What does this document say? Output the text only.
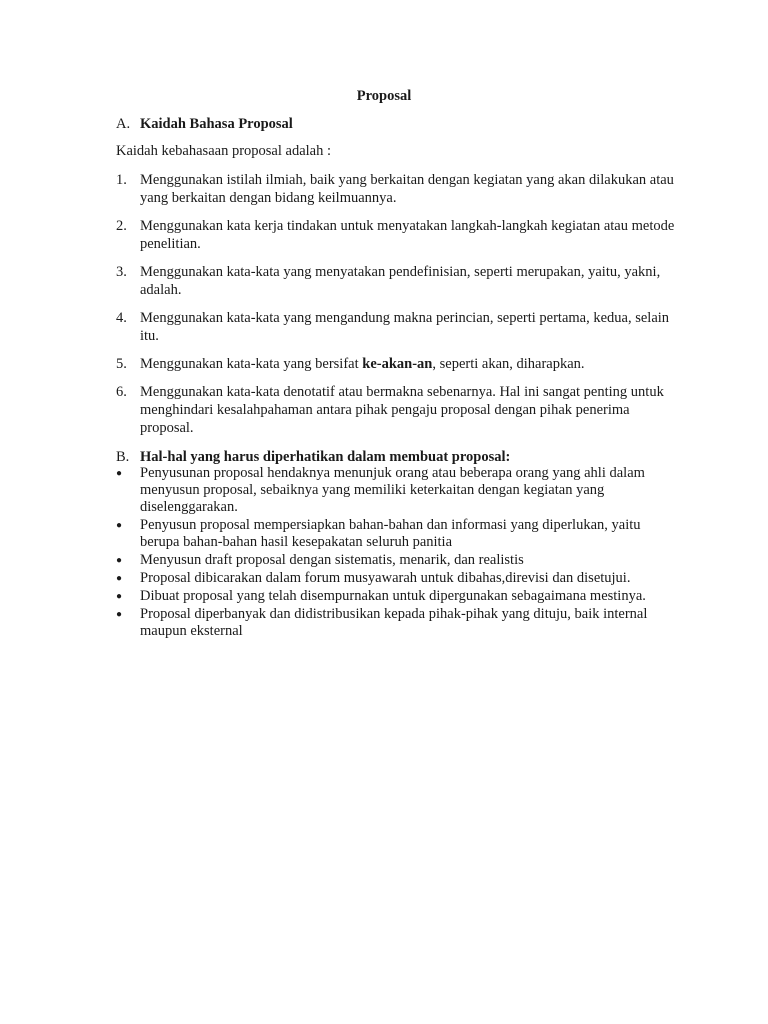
Proposal
A. Kaidah Bahasa Proposal
Kaidah kebahasaan proposal adalah :
1. Menggunakan istilah ilmiah, baik yang berkaitan dengan kegiatan yang akan dilakukan atau yang berkaitan dengan bidang keilmuannya.
2. Menggunakan kata kerja tindakan untuk menyatakan langkah-langkah kegiatan atau metode penelitian.
3. Menggunakan kata-kata yang menyatakan pendefinisian, seperti merupakan, yaitu, yakni, adalah.
4. Menggunakan kata-kata yang mengandung makna perincian, seperti pertama, kedua, selain itu.
5. Menggunakan kata-kata yang bersifat ke-akan-an, seperti akan, diharapkan.
6. Menggunakan kata-kata denotatif atau bermakna sebenarnya. Hal ini sangat penting untuk menghindari kesalahpahaman antara pihak pengaju proposal dengan pihak penerima proposal.
B. Hal-hal yang harus diperhatikan dalam membuat proposal:
●	Penyusunan proposal hendaknya menunjuk orang atau beberapa orang yang ahli dalam menyusun proposal, sebaiknya yang memiliki keterkaitan dengan kegiatan yang diselenggarakan.
●	Penyusun proposal mempersiapkan bahan-bahan dan informasi yang diperlukan, yaitu berupa bahan-bahan hasil kesepakatan seluruh panitia
●	Menyusun draft proposal dengan sistematis, menarik, dan realistis
●	Proposal dibicarakan dalam forum musyawarah untuk dibahas,direvisi dan disetujui.
●	Dibuat proposal yang telah disempurnakan untuk dipergunakan sebagaimana mestinya.
●	Proposal diperbanyak dan didistribusikan kepada pihak-pihak yang dituju, baik internal maupun eksternal
